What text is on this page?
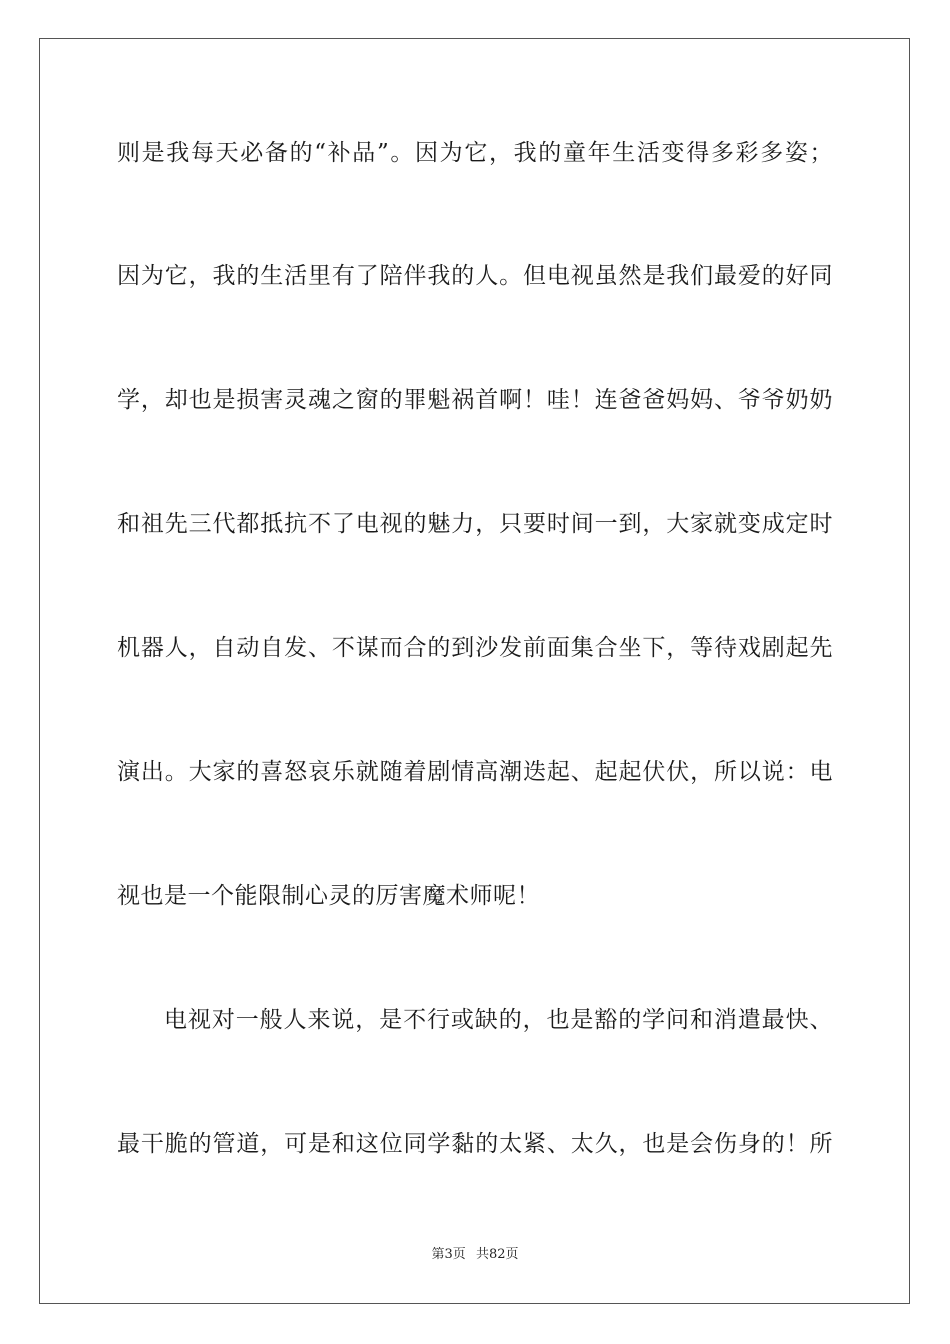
则是我每天必备的“补品”。因为它，我的童年生活变得多彩多姿；
因为它，我的生活里有了陪伴我的人。但电视虽然是我们最爱的好同
学，却也是损害灵魂之窗的罪魁祸首啊！哇！连爸爸妈妈、爷爷奶奶
和祖先三代都抵抗不了电视的魅力，只要时间一到，大家就变成定时
机器人，自动自发、不谋而合的到沙发前面集合坐下，等待戏剧起先
演出。大家的喜怒哀乐就随着剧情高潮迭起、起起伏伏，所以说：电
视也是一个能限制心灵的厉害魔术师呢！
电视对一般人来说，是不行或缺的，也是豁的学问和消遣最快、
最干脆的管道，可是和这位同学黏的太紧、太久，也是会伤身的！所
第3页 共82页
